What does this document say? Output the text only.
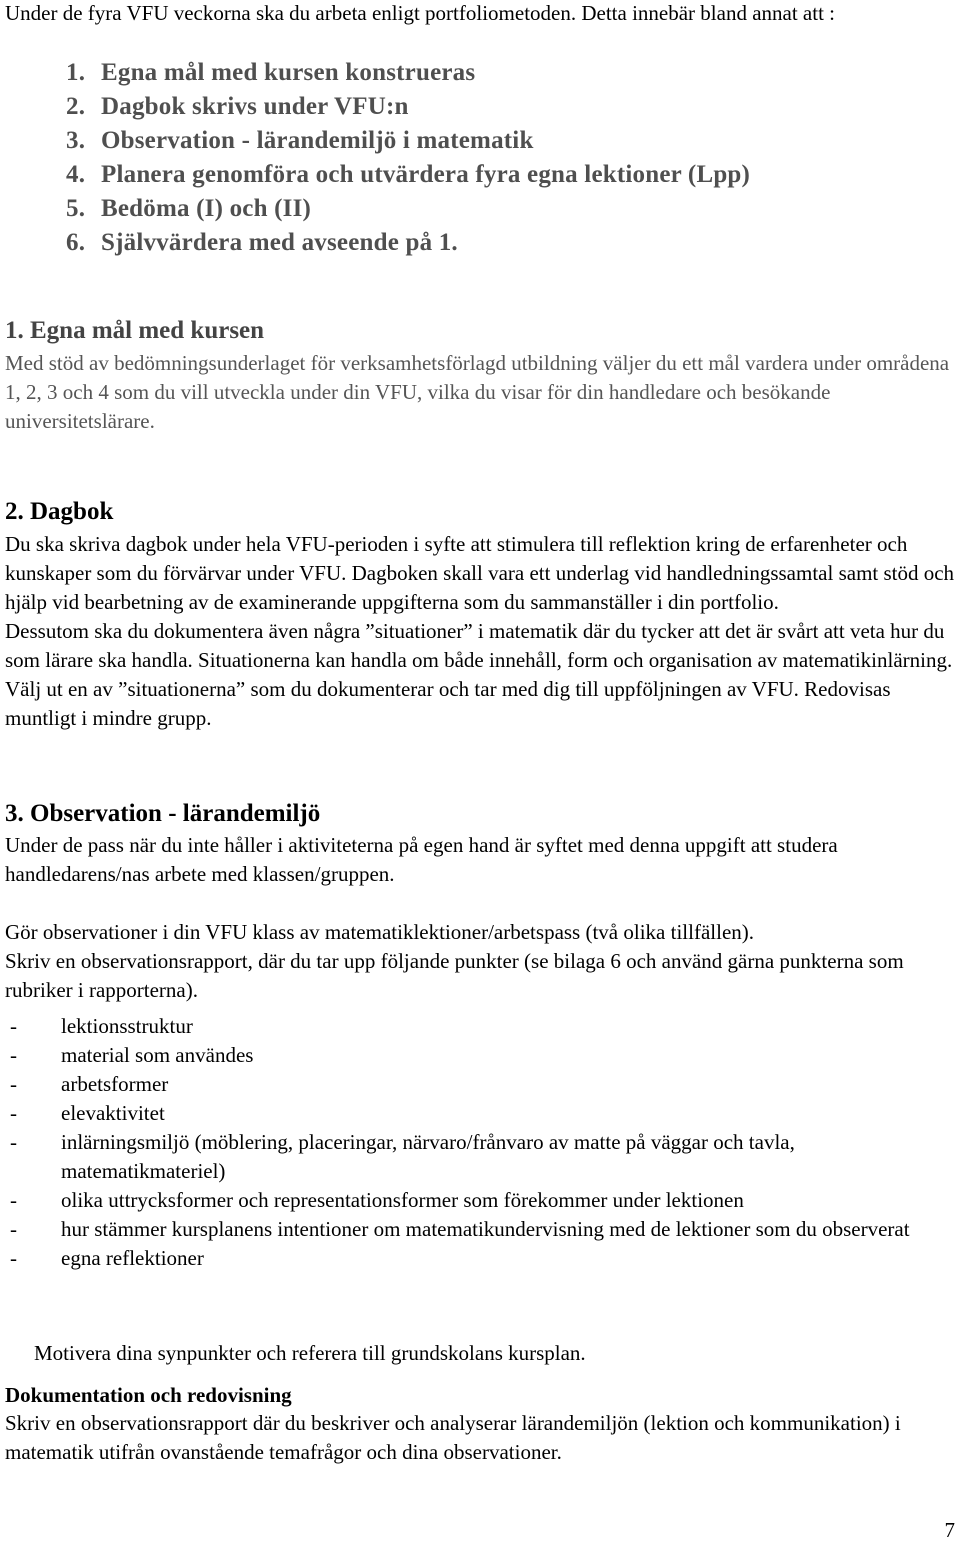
Under de fyra VFU veckorna ska du arbeta enligt portfoliometoden. Detta innebär bland annat att :

1. Egna mål med kursen konstrueras
2. Dagbok skrivs under VFU:n
3. Observation - lärandemiljö i matematik
4. Planera genomföra och utvärdera fyra egna lektioner (Lpp)
5. Bedöma (I) och (II)
6. Självvärdera med avseende på 1.

1. Egna mål med kursen

Med stöd av bedömningsunderlaget för verksamhetsförlagd utbildning väljer du ett mål vardera under områdena 1, 2, 3 och 4 som du vill utveckla under din VFU, vilka du visar för din handledare och besökande universitetslärare.

2. Dagbok

Du ska skriva dagbok under hela VFU-perioden i syfte att stimulera till reflektion kring de erfarenheter och kunskaper som du förvärvar under VFU. Dagboken skall vara ett underlag vid handledningssamtal samt stöd och hjälp vid bearbetning av de examinerande uppgifterna som du sammanställer i din portfolio.

Dessutom ska du dokumentera även några ”situationer” i matematik där du tycker att det är svårt att veta hur du som lärare ska handla. Situationerna kan handla om både innehåll, form och organisation av matematikinlärning. Välj ut en av ”situationerna” som du dokumenterar och tar med dig till uppföljningen av VFU. Redovisas muntligt i mindre grupp.

3. Observation - lärandemiljö

Under de pass när du inte håller i aktiviteterna på egen hand är syftet med denna uppgift att studera handledarens/nas arbete med klassen/gruppen.

Gör observationer i din VFU klass av matematiklektioner/arbetspass (två olika tillfällen).

Skriv en observationsrapport, där du tar upp följande punkter (se bilaga 6 och använd gärna punkterna som rubriker i rapporterna).

- lektionsstruktur
- material som användes
- arbetsformer
- elevaktivitet
- inlärningsmiljö (möblering, placeringar, närvaro/frånvaro av matte på väggar och tavla, matematikmateriel)
- olika uttrycksformer och representationsformer som förekommer under lektionen
- hur stämmer kursplanens intentioner om matematikundervisning med de lektioner som du observerat
- egna reflektioner

Motivera dina synpunkter och referera till grundskolans kursplan.

Dokumentation och redovisning

Skriv en observationsrapport där du beskriver och analyserar lärandemiljön (lektion och kommunikation) i matematik utifrån ovanstående temafrågor och dina observationer.

7
